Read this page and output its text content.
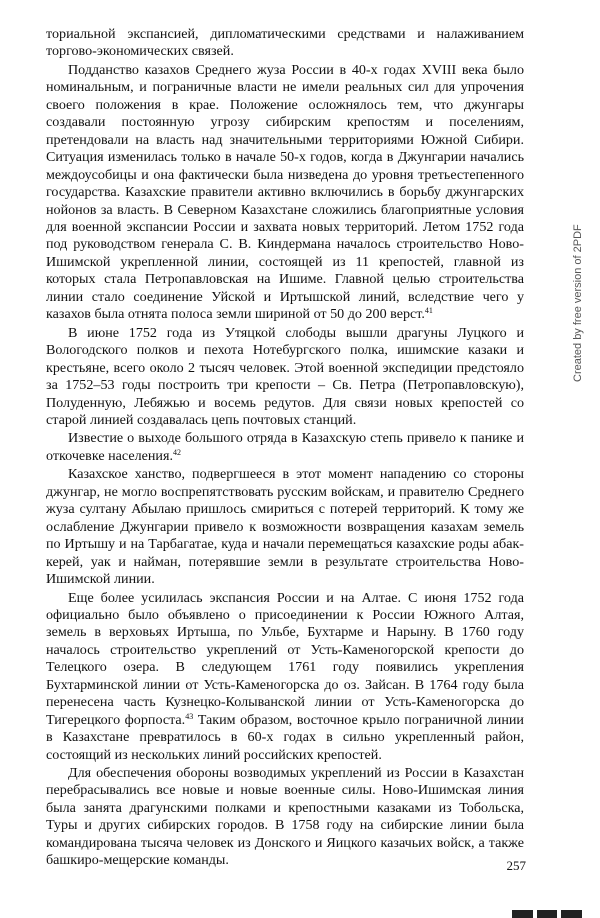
ториальной экспансией, дипломатическими средствами и налаживанием торгово-экономических связей.

Подданство казахов Среднего жуза России в 40-х годах XVIII века было номинальным, и пограничные власти не имели реальных сил для упрочения своего положения в крае. Положение осложнялось тем, что джунгары создавали постоянную угрозу сибирским крепостям и поселениям, претендовали на власть над значительными территориями Южной Сибири. Ситуация изменилась только в начале 50-х годов, когда в Джунгарии начались междоусобицы и она фактически была низведена до уровня третьестепенного государства. Казахские правители активно включились в борьбу джунгарских нойонов за власть. В Северном Казахстане сложились благоприятные условия для военной экспансии России и захвата новых территорий. Летом 1752 года под руководством генерала С. В. Киндермана началось строительство Ново-Ишимской укрепленной линии, состоящей из 11 крепостей, главной из которых стала Петропавловская на Ишиме. Главной целью строительства линии стало соединение Уйской и Иртышской линий, вследствие чего у казахов была отнята полоса земли шириной от 50 до 200 верст.$^{41}$

В июне 1752 года из Утяцкой слободы вышли драгуны Луцкого и Вологодского полков и пехота Нотебургского полка, ишимские казаки и крестьяне, всего около 2 тысяч человек. Этой военной экспедиции предстояло за 1752–53 годы построить три крепости – Св. Петра (Петропавловскую), Полуденную, Лебяжью и восемь редутов. Для связи новых крепостей со старой линией создавалась цепь почтовых станций.

Известие о выходе большого отряда в Казахскую степь привело к панике и откочевке населения.$^{42}$

Казахское ханство, подвергшееся в этот момент нападению со стороны джунгар, не могло воспрепятствовать русским войскам, и правителю Среднего жуза султану Абылаю пришлось смириться с потерей территорий. К тому же ослабление Джунгарии привело к возможности возвращения казахам земель по Иртышу и на Тарбагатае, куда и начали перемещаться казахские роды абак-керей, уак и найман, потерявшие земли в результате строительства Ново-Ишимской линии.

Еще более усилилась экспансия России и на Алтае. С июня 1752 года официально было объявлено о присоединении к России Южного Алтая, земель в верховьях Иртыша, по Ульбе, Бухтарме и Нарыну. В 1760 году началось строительство укреплений от Усть-Каменогорской крепости до Телецкого озера. В следующем 1761 году появились укрепления Бухтарминской линии от Усть-Каменогорска до оз. Зайсан. В 1764 году была перенесена часть Кузнецко-Колыванской линии от Усть-Каменогорска до Тигерецкого форпоста.$^{43}$ Таким образом, восточное крыло пограничной линии в Казахстане превратилось в 60-х годах в сильно укрепленный район, состоящий из нескольких линий российских крепостей.

Для обеспечения обороны возводимых укреплений из России в Казахстан перебрасывались все новые и новые военные силы. Ново-Ишимская линия была занята драгунскими полками и крепостными казаками из Тобольска, Туры и других сибирских городов. В 1758 году на сибирские линии была командирована тысяча человек из Донского и Яицкого казачьих войск, а также башкиро-мещерские команды.	257
Created by free version of 2PDF
